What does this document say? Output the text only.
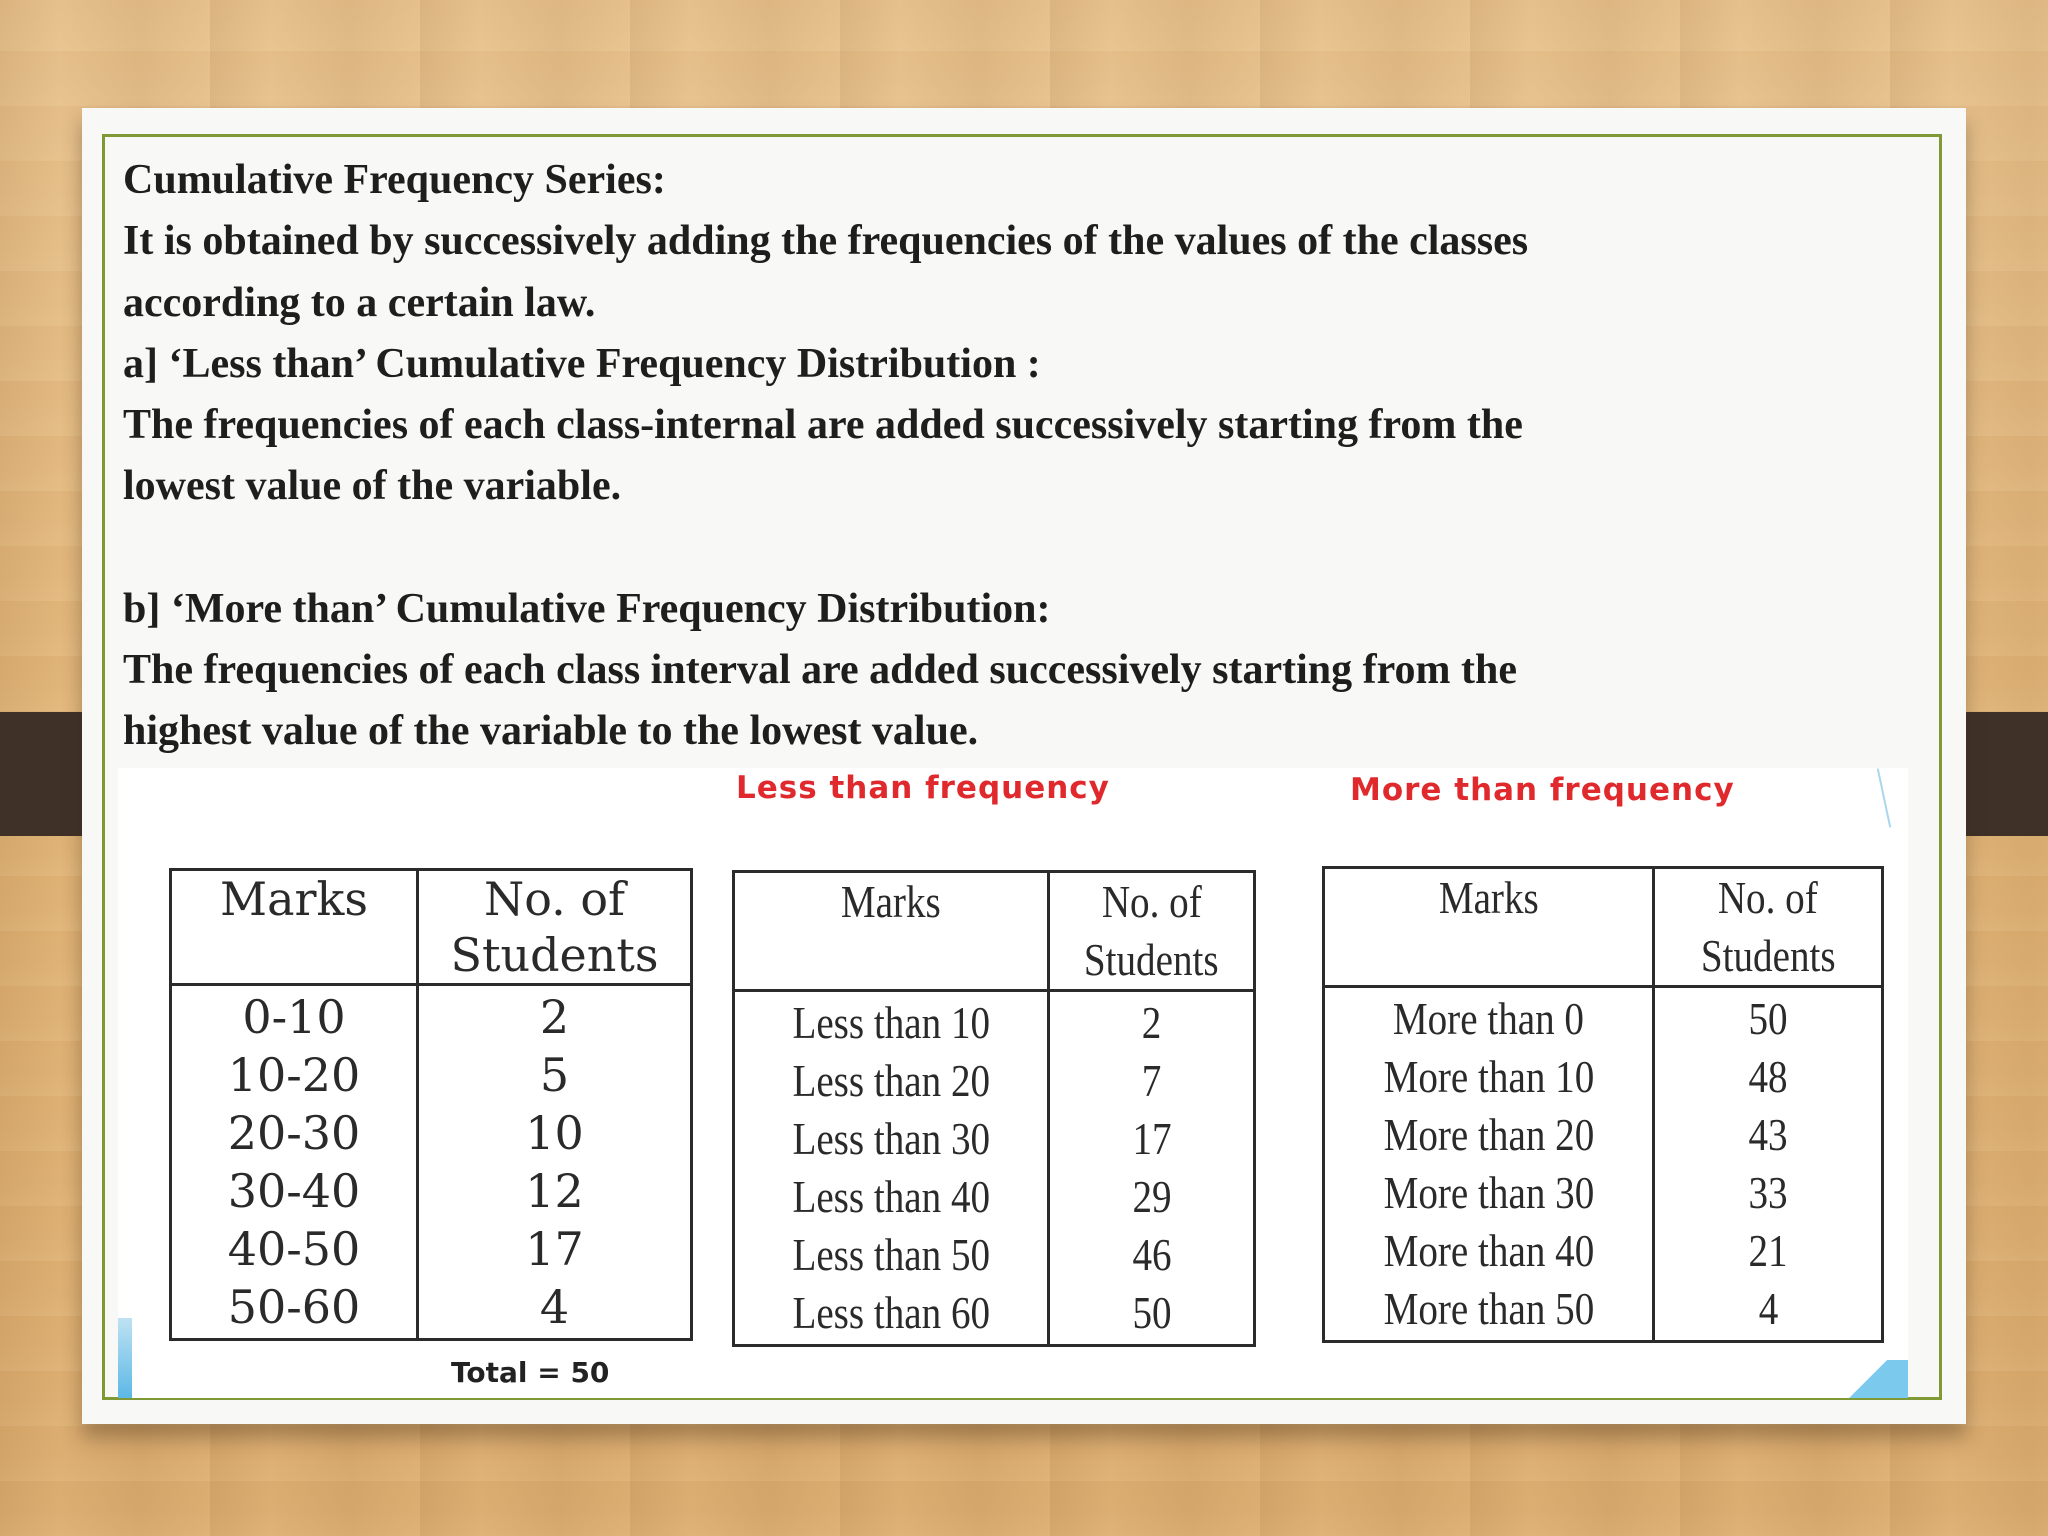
Cumulative Frequency Series:
It is obtained by successively adding the frequencies of the values of the classes
according to a certain law.
a] ‘Less than’ Cumulative Frequency Distribution :
The frequencies of each class-internal are added successively starting from the
lowest value of the variable.
b] ‘More than’ Cumulative Frequency Distribution:
The frequencies of each class interval are added successively starting from the
highest value of the variable to the lowest value.
Less than frequency	More than frequency
Marks	No. of
Students
0-10	2
10-20	5
20-30	10
30-40	12
40-50	17
50-60	4
Total = 50
Marks	No. of
Students
Less than 10	2
Less than 20	7
Less than 30	17
Less than 40	29
Less than 50	46
Less than 60	50
Marks	No. of
Students
More than 0	50
More than 10	48
More than 20	43
More than 30	33
More than 40	21
More than 50	4
